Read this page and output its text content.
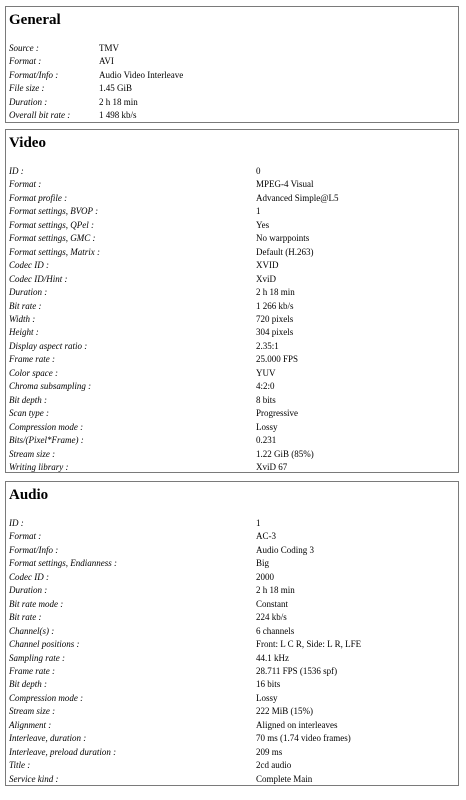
General
Source :	TMV
Format :	AVI
Format/Info :	Audio Video Interleave
File size :	1.45 GiB
Duration :	2 h 18 min
Overall bit rate :	1 498 kb/s
Video
ID :	0
Format :	MPEG-4 Visual
Format profile :	Advanced Simple@L5
Format settings, BVOP :	1
Format settings, QPel :	Yes
Format settings, GMC :	No warppoints
Format settings, Matrix :	Default (H.263)
Codec ID :	XVID
Codec ID/Hint :	XviD
Duration :	2 h 18 min
Bit rate :	1 266 kb/s
Width :	720 pixels
Height :	304 pixels
Display aspect ratio :	2.35:1
Frame rate :	25.000 FPS
Color space :	YUV
Chroma subsampling :	4:2:0
Bit depth :	8 bits
Scan type :	Progressive
Compression mode :	Lossy
Bits/(Pixel*Frame) :	0.231
Stream size :	1.22 GiB (85%)
Writing library :	XviD 67
Audio
ID :	1
Format :	AC-3
Format/Info :	Audio Coding 3
Format settings, Endianness :	Big
Codec ID :	2000
Duration :	2 h 18 min
Bit rate mode :	Constant
Bit rate :	224 kb/s
Channel(s) :	6 channels
Channel positions :	Front: L C R, Side: L R, LFE
Sampling rate :	44.1 kHz
Frame rate :	28.711 FPS (1536 spf)
Bit depth :	16 bits
Compression mode :	Lossy
Stream size :	222 MiB (15%)
Alignment :	Aligned on interleaves
Interleave, duration :	70 ms (1.74 video frames)
Interleave, preload duration :	209 ms
Title :	2cd audio
Service kind :	Complete Main
